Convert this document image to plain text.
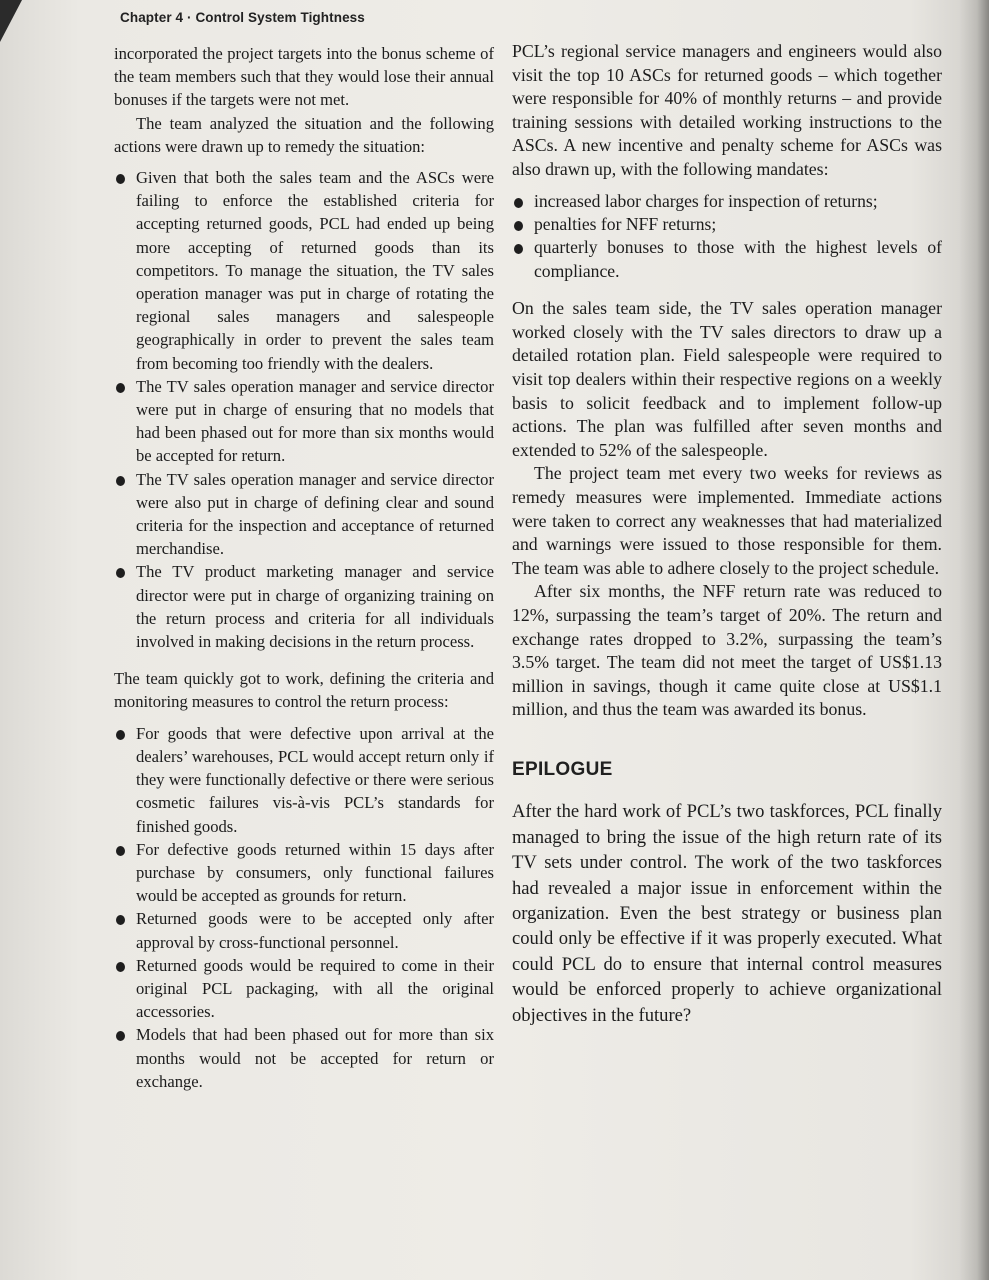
Chapter 4 · Control System Tightness

incorporated the project targets into the bonus scheme of the team members such that they would lose their annual bonuses if the targets were not met.

The team analyzed the situation and the following actions were drawn up to remedy the situation:

Given that both the sales team and the ASCs were failing to enforce the established criteria for accepting returned goods, PCL had ended up being more accepting of returned goods than its competitors. To manage the situation, the TV sales operation manager was put in charge of rotating the regional sales managers and salespeople geographically in order to prevent the sales team from becoming too friendly with the dealers.
The TV sales operation manager and service director were put in charge of ensuring that no models that had been phased out for more than six months would be accepted for return.
The TV sales operation manager and service director were also put in charge of defining clear and sound criteria for the inspection and acceptance of returned merchandise.
The TV product marketing manager and service director were put in charge of organizing training on the return process and criteria for all individuals involved in making decisions in the return process.

The team quickly got to work, defining the criteria and monitoring measures to control the return process:

For goods that were defective upon arrival at the dealers’ warehouses, PCL would accept return only if they were functionally defective or there were serious cosmetic failures vis-à-vis PCL’s standards for finished goods.
For defective goods returned within 15 days after purchase by consumers, only functional failures would be accepted as grounds for return.
Returned goods were to be accepted only after approval by cross-functional personnel.
Returned goods would be required to come in their original PCL packaging, with all the original accessories.
Models that had been phased out for more than six months would not be accepted for return or exchange.

PCL’s regional service managers and engineers would also visit the top 10 ASCs for returned goods – which together were responsible for 40% of monthly returns – and provide training sessions with detailed working instructions to the ASCs. A new incentive and penalty scheme for ASCs was also drawn up, with the following mandates:

increased labor charges for inspection of returns;
penalties for NFF returns;
quarterly bonuses to those with the highest levels of compliance.

On the sales team side, the TV sales operation manager worked closely with the TV sales directors to draw up a detailed rotation plan. Field salespeople were required to visit top dealers within their respective regions on a weekly basis to solicit feedback and to implement follow-up actions. The plan was fulfilled after seven months and extended to 52% of the salespeople.

The project team met every two weeks for reviews as remedy measures were implemented. Immediate actions were taken to correct any weaknesses that had materialized and warnings were issued to those responsible for them. The team was able to adhere closely to the project schedule.

After six months, the NFF return rate was reduced to 12%, surpassing the team’s target of 20%. The return and exchange rates dropped to 3.2%, surpassing the team’s 3.5% target. The team did not meet the target of US$1.13 million in savings, though it came quite close at US$1.1 million, and thus the team was awarded its bonus.

EPILOGUE

After the hard work of PCL’s two taskforces, PCL finally managed to bring the issue of the high return rate of its TV sets under control. The work of the two taskforces had revealed a major issue in enforcement within the organization. Even the best strategy or business plan could only be effective if it was properly executed. What could PCL do to ensure that internal control measures would be enforced properly to achieve organizational objectives in the future?
